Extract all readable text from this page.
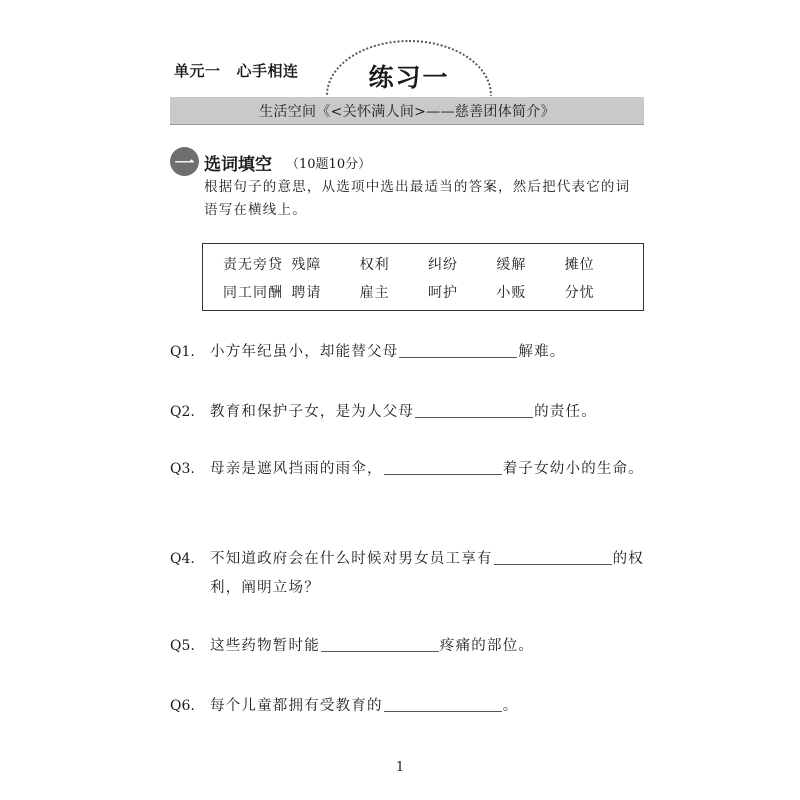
单元一 心手相连	练习一
生活空间《<关怀满人间>——慈善团体简介》
一 选词填空 （10题10分）
根据句子的意思，从选项中选出最适当的答案，然后把代表它的词语写在横线上。
责无旁贷 残障	权利	纠纷	缓解	摊位
同工同酬 聘请	雇主	呵护	小贩	分忧
Q1. 小方年纪虽小，却能替父母	解难。
Q2. 教育和保护子女，是为人父母	的责任。
Q3. 母亲是遮风挡雨的雨伞，	着子女幼小的生命。
Q4. 不知道政府会在什么时候对男女员工享有	的权利，阐明立场？
Q5. 这些药物暂时能	疼痛的部位。
Q6. 每个儿童都拥有受教育的	。
1
